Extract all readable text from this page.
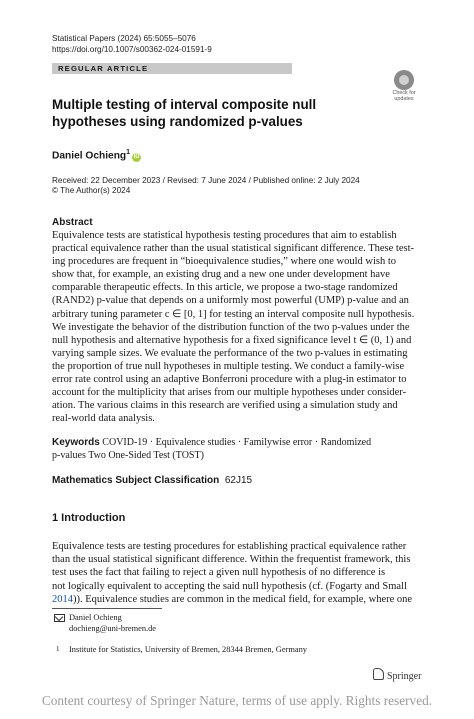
Statistical Papers (2024) 65:5055–5076
https://doi.org/10.1007/s00362-024-01591-9
REGULAR ARTICLE
Check for
updates
Multiple testing of interval composite null hypotheses using randomized p-values
Daniel Ochieng$^1$iD
Received: 22 December 2023 / Revised: 7 June 2024 / Published online: 2 July 2024
© The Author(s) 2024
Abstract
Equivalence tests are statistical hypothesis testing procedures that aim to establish
practical equivalence rather than the usual statistical significant difference. These test-
ing procedures are frequent in “bioequivalence studies,” where one would wish to
show that, for example, an existing drug and a new one under development have
comparable therapeutic effects. In this article, we propose a two-stage randomized
(RAND2) p-value that depends on a uniformly most powerful (UMP) p-value and an
arbitrary tuning parameter c ∈ [0, 1] for testing an interval composite null hypothesis.
We investigate the behavior of the distribution function of the two p-values under the
null hypothesis and alternative hypothesis for a fixed significance level t ∈ (0, 1) and
varying sample sizes. We evaluate the performance of the two p-values in estimating
the proportion of true null hypotheses in multiple testing. We conduct a family-wise
error rate control using an adaptive Bonferroni procedure with a plug-in estimator to
account for the multiplicity that arises from our multiple hypotheses under consider-
ation. The various claims in this research are verified using a simulation study and
real-world data analysis.
Keywords COVID-19 · Equivalence studies · Familywise error · Randomized
p-values Two One-Sided Test (TOST)
Mathematics Subject Classification 62J15
1 Introduction
Equivalence tests are testing procedures for establishing practical equivalence rather
than the usual statistical significant difference. Within the frequentist framework, this
test uses the fact that failing to reject a given null hypothesis of no difference is
not logically equivalent to accepting the said null hypothesis (cf. (Fogarty and Small
2014)). Equivalence studies are common in the medical field, for example, where one
Daniel Ochieng
dochieng@uni-bremen.de
1 Institute for Statistics, University of Bremen, 28344 Bremen, Germany
Springer
Content courtesy of Springer Nature, terms of use apply. Rights reserved.
